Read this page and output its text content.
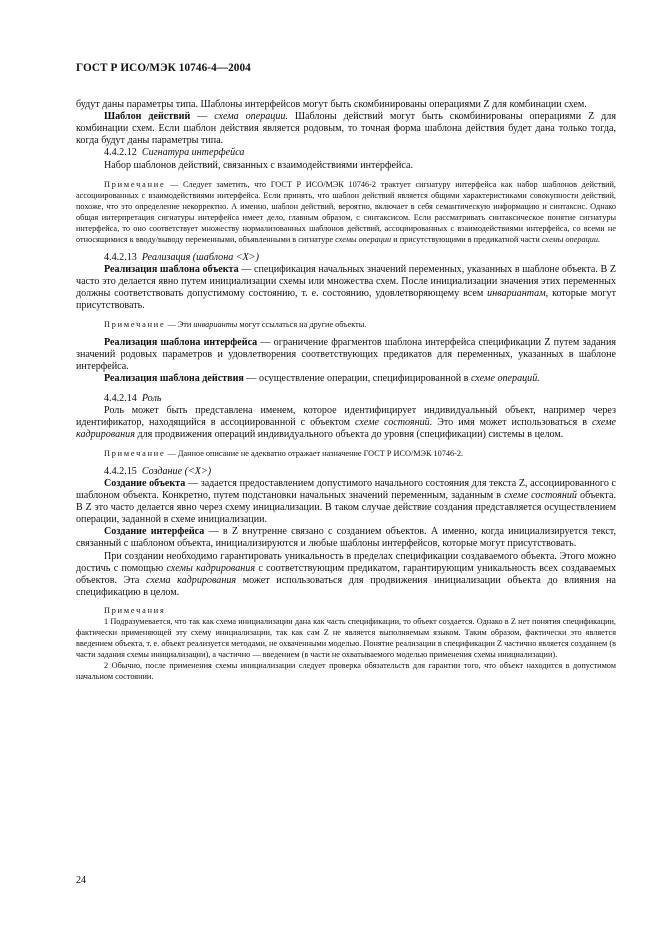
ГОСТ Р ИСО/МЭК 10746-4—2004

будут даны параметры типа. Шаблоны интерфейсов могут быть скомбинированы операциями Z для комбинации схем.

Шаблон действий — схема операции. Шаблоны действий могут быть скомбинированы операциями Z для комбинации схем. Если шаблон действия является родовым, то точная форма шаблона действия будет дана только тогда, когда будут даны параметры типа.

4.4.2.12 Сигнатура интерфейса

Набор шаблонов действий, связанных с взаимодействиями интерфейса.

Примечание — Следует заметить, что ГОСТ Р ИСО/МЭК 10746-2 трактует сигнатуру интерфейса как набор шаблонов действий, ассоциированных с взаимодействиями интерфейса. Если принять, что шаблон действий является общими характеристиками совокупности действий, похоже, что это определение некорректно. А именно, шаблон действий, вероятно, включает в себя семантическую информацию и синтаксис. Однако общая интерпретация сигнатуры интерфейса имеет дело, главным образом, с синтаксисом. Если рассматривать синтаксическое понятие сигнатуры интерфейса, то оно соответствует множеству нормализованных шаблонов действий, ассоциированных с взаимодействиями интерфейса, со всеми не относящимися к вводу/выводу переменными, объявленными в сигнатуре схемы операции и присутствующими в предикатной части схемы операции.

4.4.2.13 Реализация (шаблона <X>)

Реализация шаблона объекта — спецификация начальных значений переменных, указанных в шаблоне объекта. В Z часто это делается явно путем инициализации схемы или множества схем. После инициализации значения этих переменных должны соответствовать допустимому состоянию, т. е. состоянию, удовлетворяющему всем инвариантам, которые могут присутствовать.

Примечание — Эти инварианты могут ссылаться на другие объекты.

Реализация шаблона интерфейса — ограничение фрагментов шаблона интерфейса спецификации Z путем задания значений родовых параметров и удовлетворения соответствующих предикатов для переменных, указанных в шаблоне интерфейса.

Реализация шаблона действия — осуществление операции, специфицированной в схеме операций.

4.4.2.14 Роль

Роль может быть представлена именем, которое идентифицирует индивидуальный объект, например через идентификатор, находящийся в ассоциированной с объектом схеме состояний. Это имя может использоваться в схеме кадрирования для продвижения операций индивидуального объекта до уровня (спецификации) системы в целом.

Примечание — Данное описание не адекватно отражает назначение ГОСТ Р ИСО/МЭК 10746-2.

4.4.2.15 Создание (<X>)

Создание объекта — задается предоставлением допустимого начального состояния для текста Z, ассоциированного с шаблоном объекта. Конкретно, путем подстановки начальных значений переменным, заданным в схеме состояний объекта. В Z это часто делается явно через схему инициализации. В таком случае действие создания представляется осуществлением операции, заданной в схеме инициализации.

Создание интерфейса — в Z внутренне связано с созданием объектов. А именно, когда инициализируется текст, связанный с шаблоном объекта, инициализируются и любые шаблоны интерфейсов, которые могут присутствовать.

При создании необходимо гарантировать уникальность в пределах спецификации создаваемого объекта. Этого можно достичь с помощью схемы кадрирования с соответствующим предикатом, гарантирующим уникальность всех создаваемых объектов. Эта схема кадрирования может использоваться для продвижения инициализации объекта до влияния на спецификацию в целом.

Примечания

1 Подразумевается, что так как схема инициализации дана как часть спецификации, то объект создается. Однако в Z нет понятия спецификации, фактически применяющей эту схему инициализации, так как сам Z не является выполняемым языком. Таким образом, фактически это является введением объекта, т. е. объект реализуется методами, не охваченными моделью. Понятие реализации в спецификации Z частично является созданием (в части задания схемы инициализации), а частично — введением (в части не охватываемого моделью применения схемы инициализации).

2 Обычно, после применения схемы инициализации следует проверка обязательств для гарантии того, что объект находится в допустимом начальном состоянии.

24
